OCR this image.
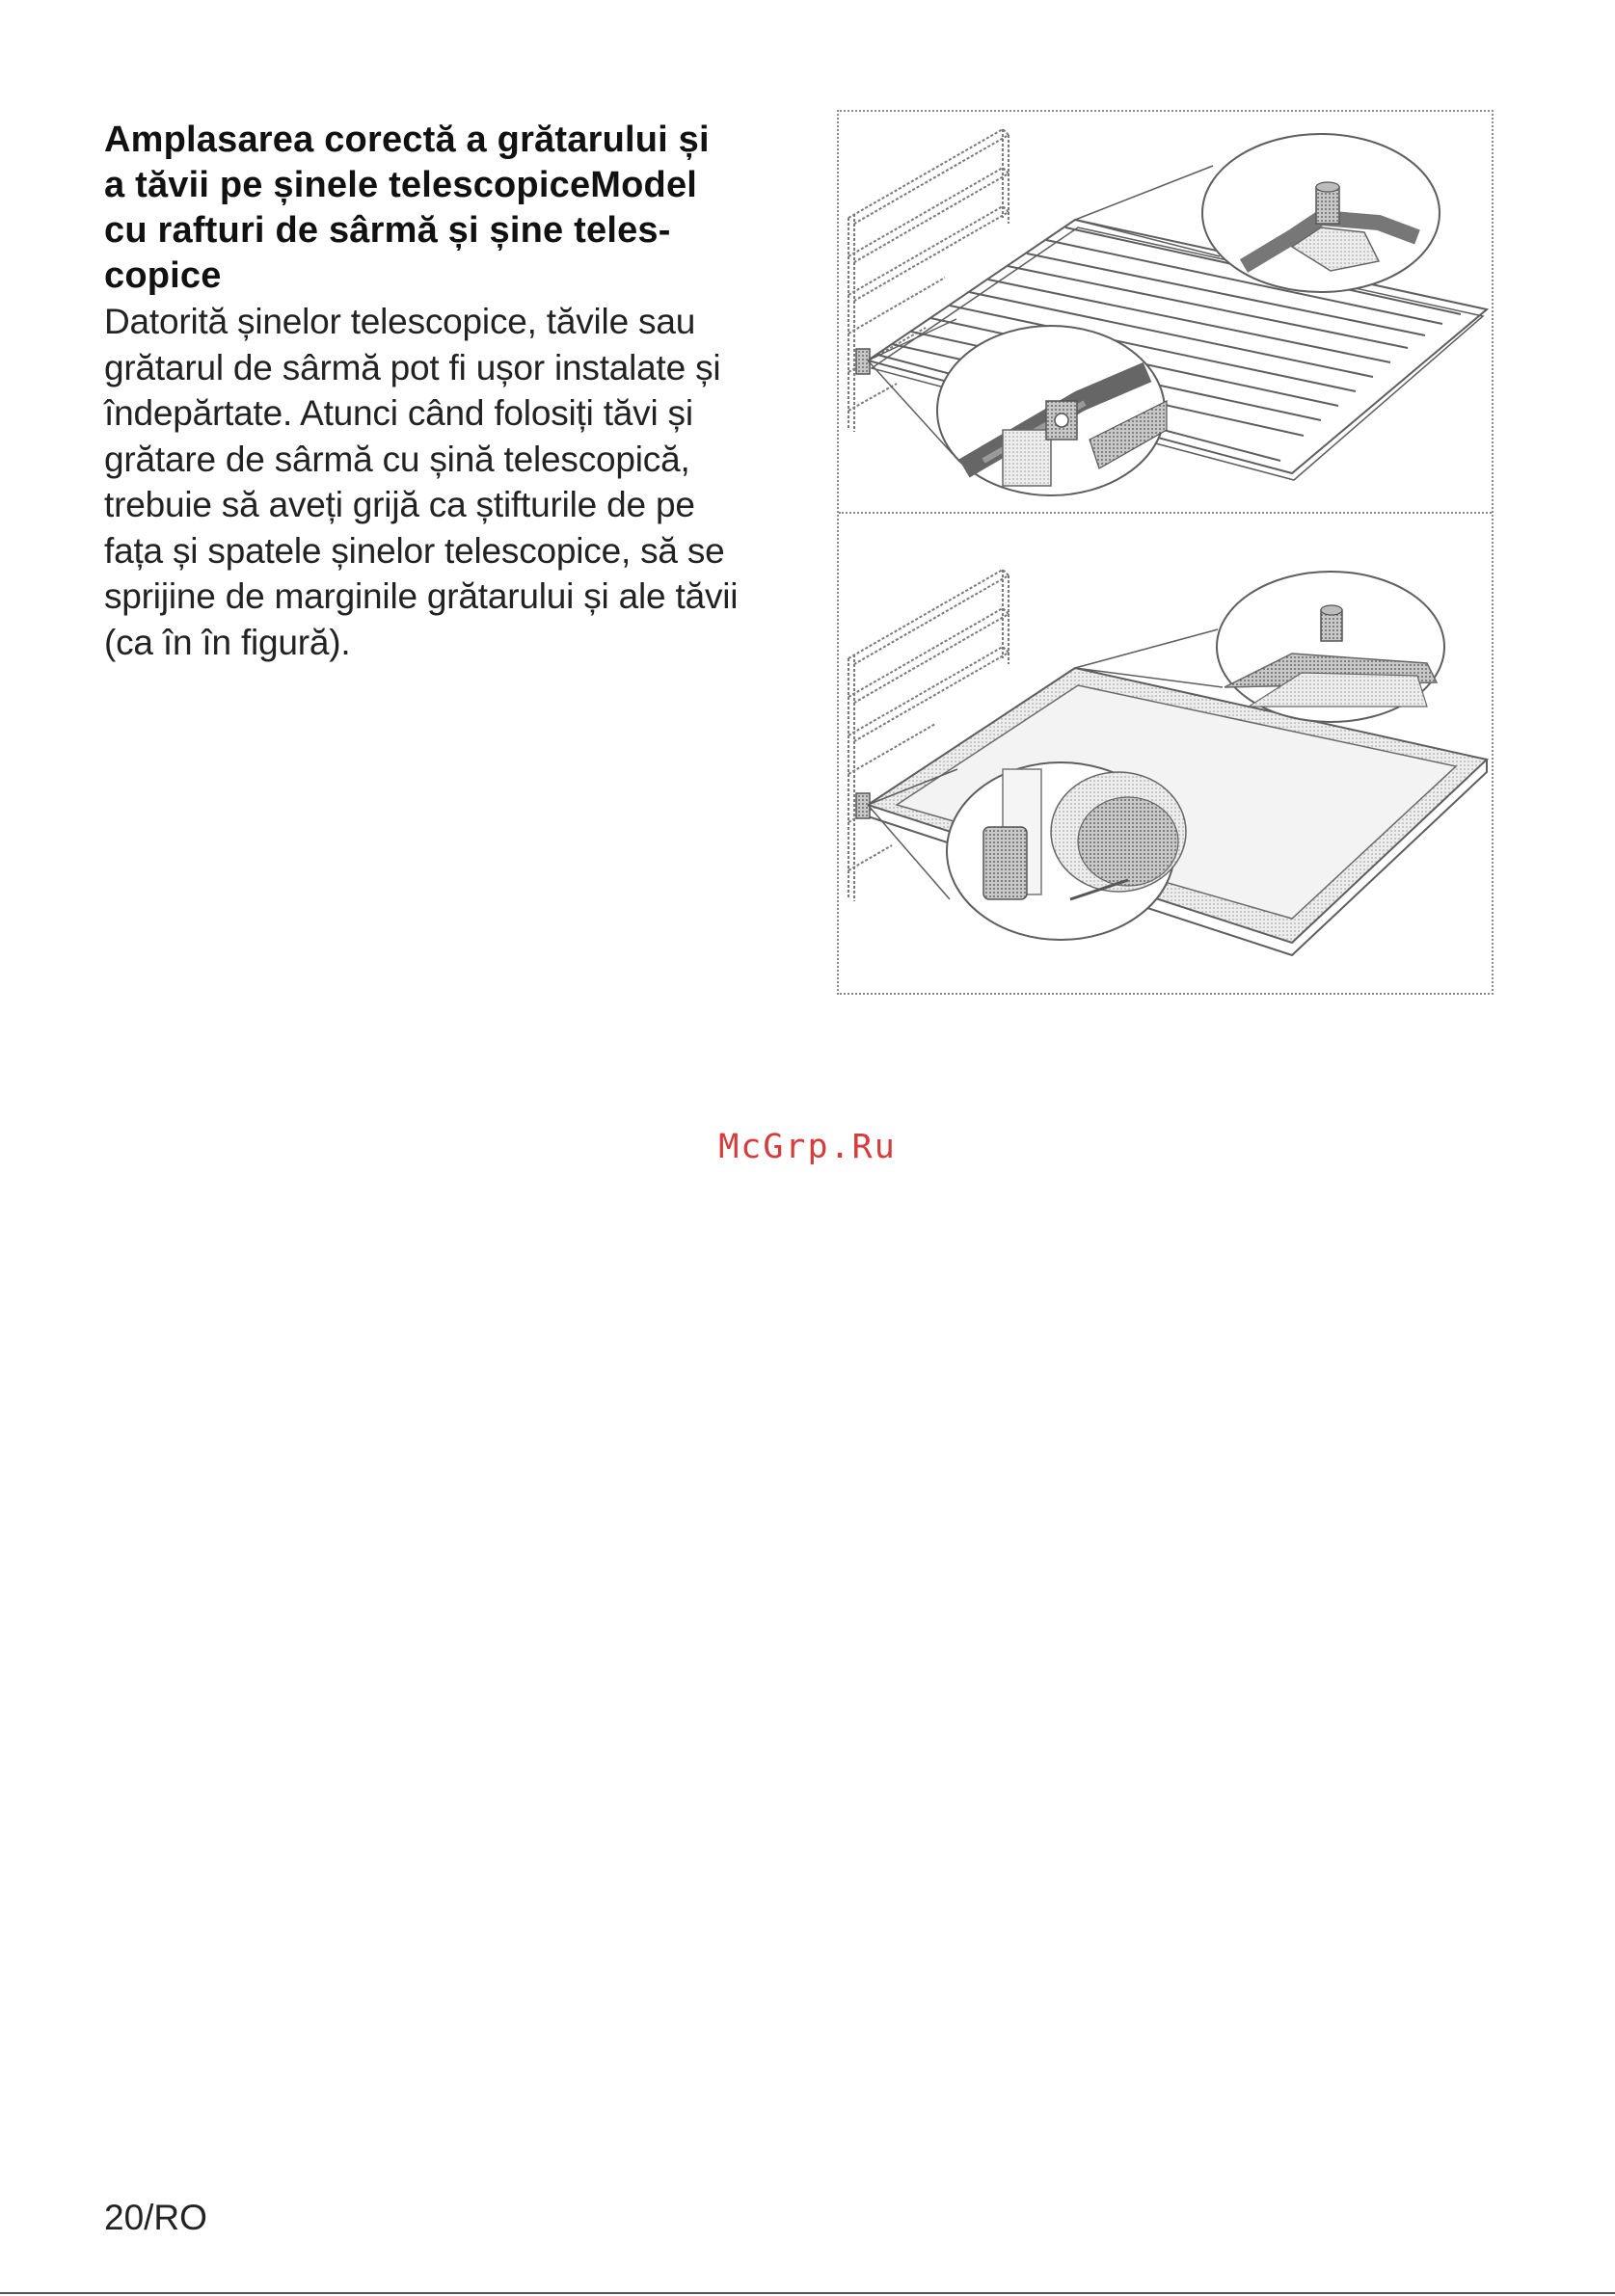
Amplasarea corectă a grătarului și
a tăvii pe șinele telescopiceModel
cu rafturi de sârmă și șine teles-
copice

Datorită șinelor telescopice, tăvile sau
grătarul de sârmă pot fi ușor instalate și
îndepărtate. Atunci când folosiți tăvi și
grătare de sârmă cu șină telescopică,
trebuie să aveți grijă ca știfturile de pe
fața și spatele șinelor telescopice, să se
sprijine de marginile grătarului și ale tăvii
(ca în în figură).

McGrp.Ru
20/RO
